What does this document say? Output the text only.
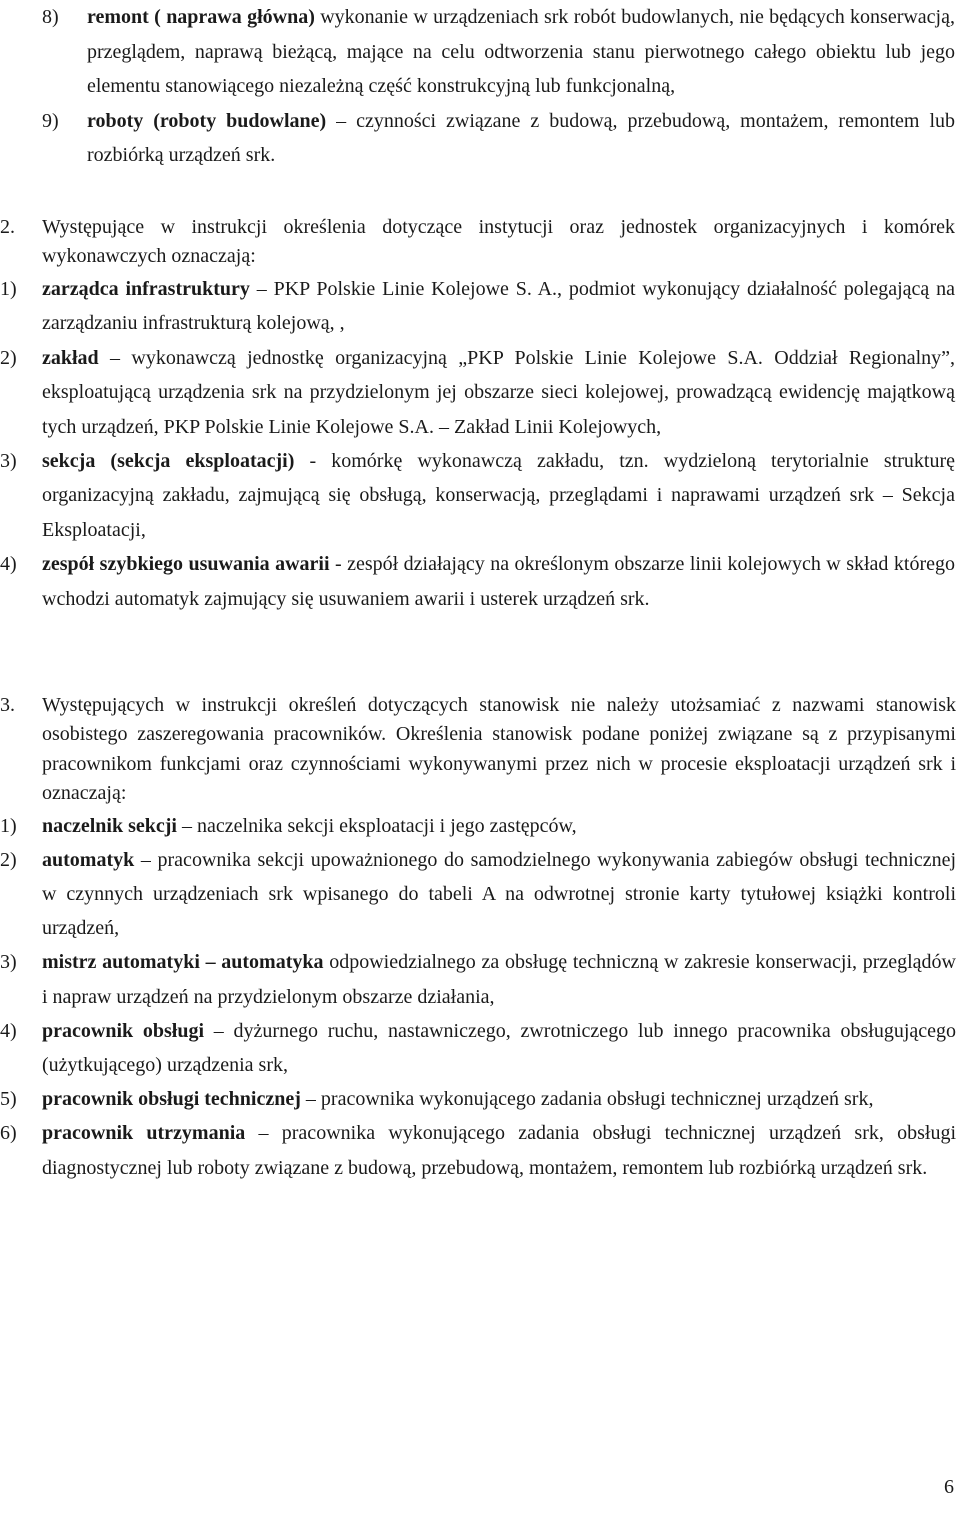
8)	remont ( naprawa główna) wykonanie w urządzeniach srk robót budowlanych, nie będących konserwacją, przeglądem, naprawą bieżącą, mające na celu odtworzenia stanu pierwotnego całego obiektu lub jego elementu stanowiącego niezależną część konstrukcyjną lub funkcjonalną,
9)	roboty (roboty budowlane) – czynności związane z budową, przebudową, montażem, remontem lub rozbiórką urządzeń srk.
2.	Występujące w instrukcji określenia dotyczące instytucji oraz jednostek organizacyjnych i komórek wykonawczych oznaczają:
1)	zarządca infrastruktury – PKP Polskie Linie Kolejowe S. A., podmiot wykonujący działalność polegającą na zarządzaniu infrastrukturą kolejową, ,
2)	zakład – wykonawczą jednostkę organizacyjną „PKP Polskie Linie Kolejowe S.A. Oddział Regionalny”, eksploatującą urządzenia srk na przydzielonym jej obszarze sieci kolejowej, prowadzącą ewidencję majątkową tych urządzeń, PKP Polskie Linie Kolejowe S.A. – Zakład Linii Kolejowych,
3)	sekcja (sekcja eksploatacji) - komórkę wykonawczą zakładu, tzn. wydzieloną terytorialnie strukturę organizacyjną zakładu, zajmującą się obsługą, konserwacją, przeglądami i naprawami urządzeń srk – Sekcja Eksploatacji,
4)	zespół szybkiego usuwania awarii - zespół działający na określonym obszarze linii kolejowych w skład którego wchodzi automatyk zajmujący się usuwaniem awarii i usterek urządzeń srk.
3.	Występujących w instrukcji określeń dotyczących stanowisk nie należy utożsamiać z nazwami stanowisk osobistego zaszeregowania pracowników. Określenia stanowisk podane poniżej związane są z przypisanymi pracownikom funkcjami oraz czynnościami wykonywanymi przez nich w procesie eksploatacji urządzeń srk i oznaczają:
1)	naczelnik sekcji – naczelnika sekcji eksploatacji i jego zastępców,
2)	automatyk – pracownika sekcji upoważnionego do samodzielnego wykonywania zabiegów obsługi technicznej w czynnych urządzeniach srk wpisanego do tabeli A na odwrotnej stronie karty tytułowej książki kontroli urządzeń,
3)	mistrz automatyki – automatyka odpowiedzialnego za obsługę techniczną w zakresie konserwacji, przeglądów i napraw urządzeń na przydzielonym obszarze działania,
4)	pracownik obsługi – dyżurnego ruchu, nastawniczego, zwrotniczego lub innego pracownika obsługującego (użytkującego) urządzenia srk,
5)	pracownik obsługi technicznej – pracownika wykonującego zadania obsługi technicznej urządzeń srk,
6)	pracownik utrzymania – pracownika wykonującego zadania obsługi technicznej urządzeń srk, obsługi diagnostycznej lub roboty związane z budową, przebudową, montażem, remontem lub rozbiórką urządzeń srk.
6
